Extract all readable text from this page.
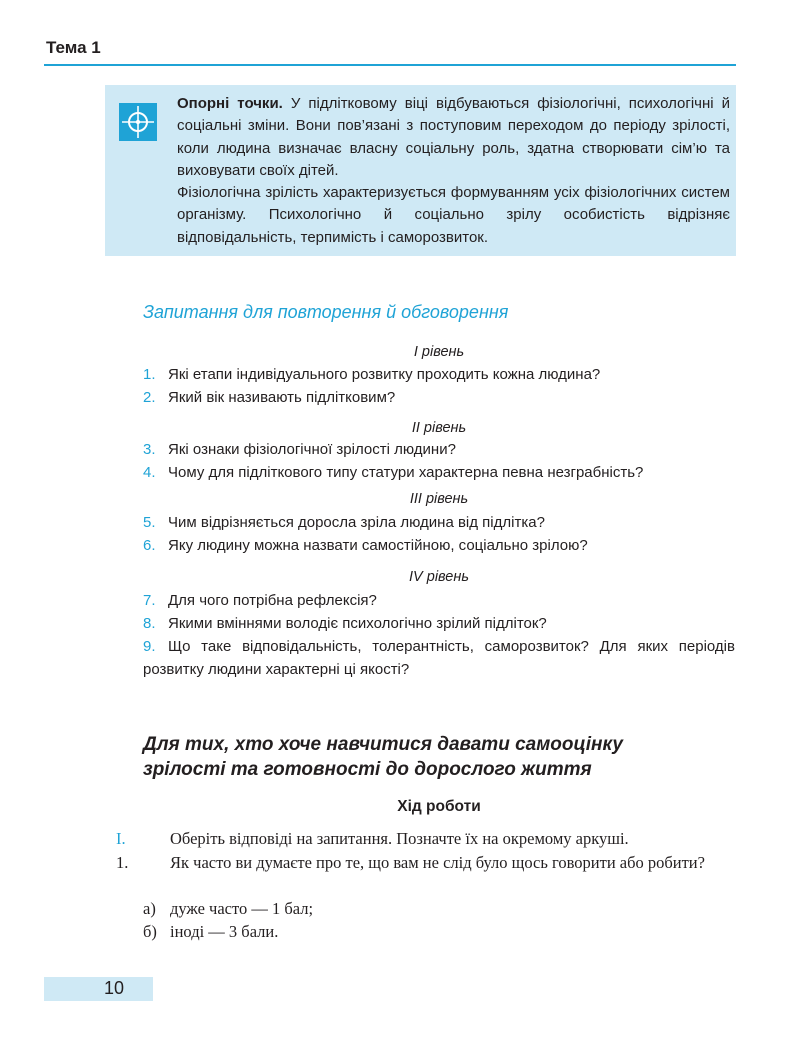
Тема 1

Опорні точки. У підлітковому віці відбуваються фізіологічні, психологічні й соціальні зміни. Вони пов’язані з поступовим переходом до періоду зрілості, коли людина визначає власну соціальну роль, здатна створювати сім’ю та виховувати своїх дітей.

Фізіологічна зрілість характеризується формуванням усіх фізіологічних систем організму. Психологічно й соціально зрілу особистість відрізняє відповідальність, терпимість і саморозвиток.

Запитання для повторення й обговорення
І рівень
1. Які етапи індивідуального розвитку проходить кожна людина?
2. Який вік називають підлітковим?
ІІ рівень
3. Які ознаки фізіологічної зрілості людини?
4. Чому для підліткового типу статури характерна певна незграбність?
ІІІ рівень
5. Чим відрізняється доросла зріла людина від підлітка?
6. Яку людину можна назвати самостійною, соціально зрілою?
IV рівень
7. Для чого потрібна рефлексія?
8. Якими вміннями володіє психологічно зрілий підліток?
9. Що таке відповідальність, толерантність, саморозвиток? Для яких періодів розвитку людини характерні ці якості?
Для тих, хто хоче навчитися давати самооцінку
зрілості та готовності до дорослого життя
Хід роботи
I.	Оберіть відповіді на запитання. Позначте їх на окремому аркуші.
1.	Як часто ви думаєте про те, що вам не слід було щось говорити або робити?
а) дуже часто — 1 бал;
б) іноді — 3 бали.
10
